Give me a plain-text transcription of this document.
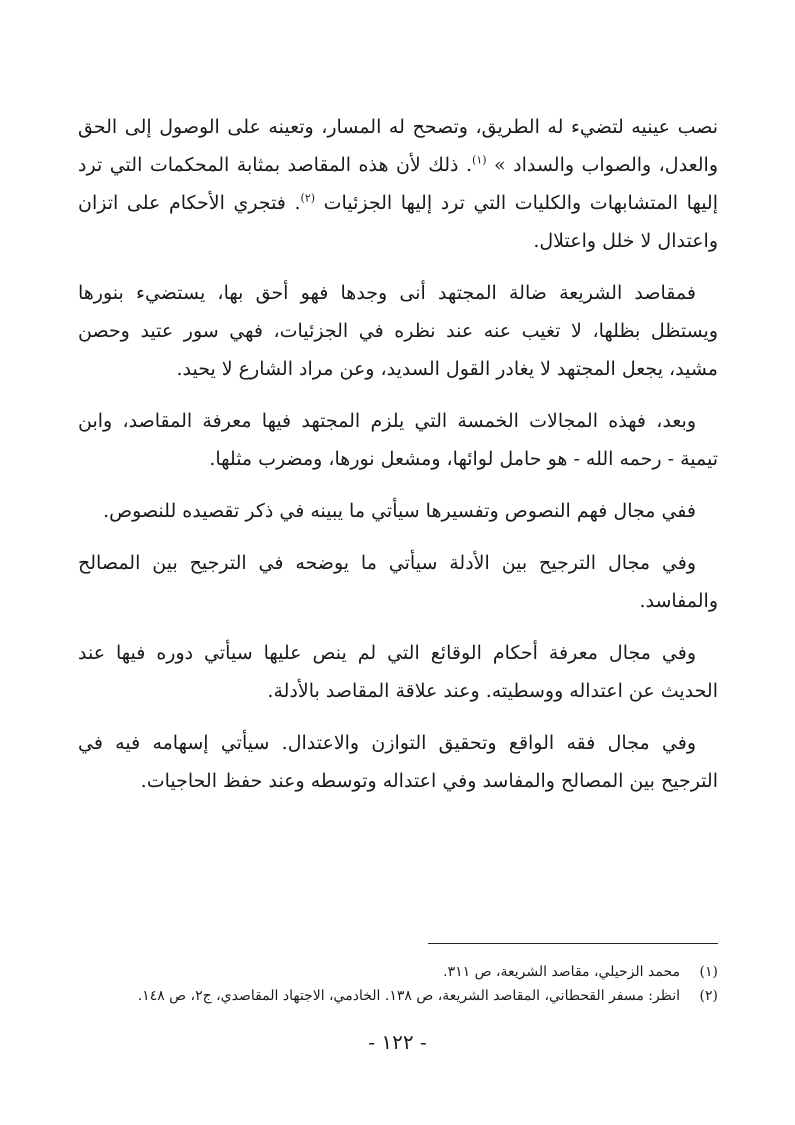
نصب عينيه لتضيء له الطريق، وتصحح له المسار، وتعينه على الوصول إلى الحق والعدل، والصواب والسداد » $^{(١)}$. ذلك لأن هذه المقاصد بمثابة المحكمات التي ترد إليها المتشابهات والكليات التي ترد إليها الجزئيات $^{(٢)}$. فتجري الأحكام على اتزان واعتدال لا خلل واعتلال.

فمقاصد الشريعة ضالة المجتهد أنى وجدها فهو أحق بها، يستضيء بنورها ويستظل بظلها، لا تغيب عنه عند نظره في الجزئيات، فهي سور عتيد وحصن مشيد، يجعل المجتهد لا يغادر القول السديد، وعن مراد الشارع لا يحيد.

وبعد، فهذه المجالات الخمسة التي يلزم المجتهد فيها معرفة المقاصد، وابن تيمية - رحمه الله - هو حامل لوائها، ومشعل نورها، ومضرب مثلها.

ففي مجال فهم النصوص وتفسيرها سيأتي ما يبينه في ذكر تقصيده للنصوص.

وفي مجال الترجيح بين الأدلة سيأتي ما يوضحه في الترجيح بين المصالح والمفاسد.

وفي مجال معرفة أحكام الوقائع التي لم ينص عليها سيأتي دوره فيها عند الحديث عن اعتداله ووسطيته. وعند علاقة المقاصد بالأدلة.

وفي مجال فقه الواقع وتحقيق التوازن والاعتدال. سيأتي إسهامه فيه في الترجيح بين المصالح والمفاسد وفي اعتداله وتوسطه وعند حفظ الحاجيات.

(١)
محمد الزحيلي، مقاصد الشريعة، ص ٣١١.
(٢)
انظر: مسفر القحطاني، المقاصد الشريعة، ص ١٣٨. الخادمي، الاجتهاد المقاصدي، ج٢، ص ١٤٨.
- ١٢٢ -
